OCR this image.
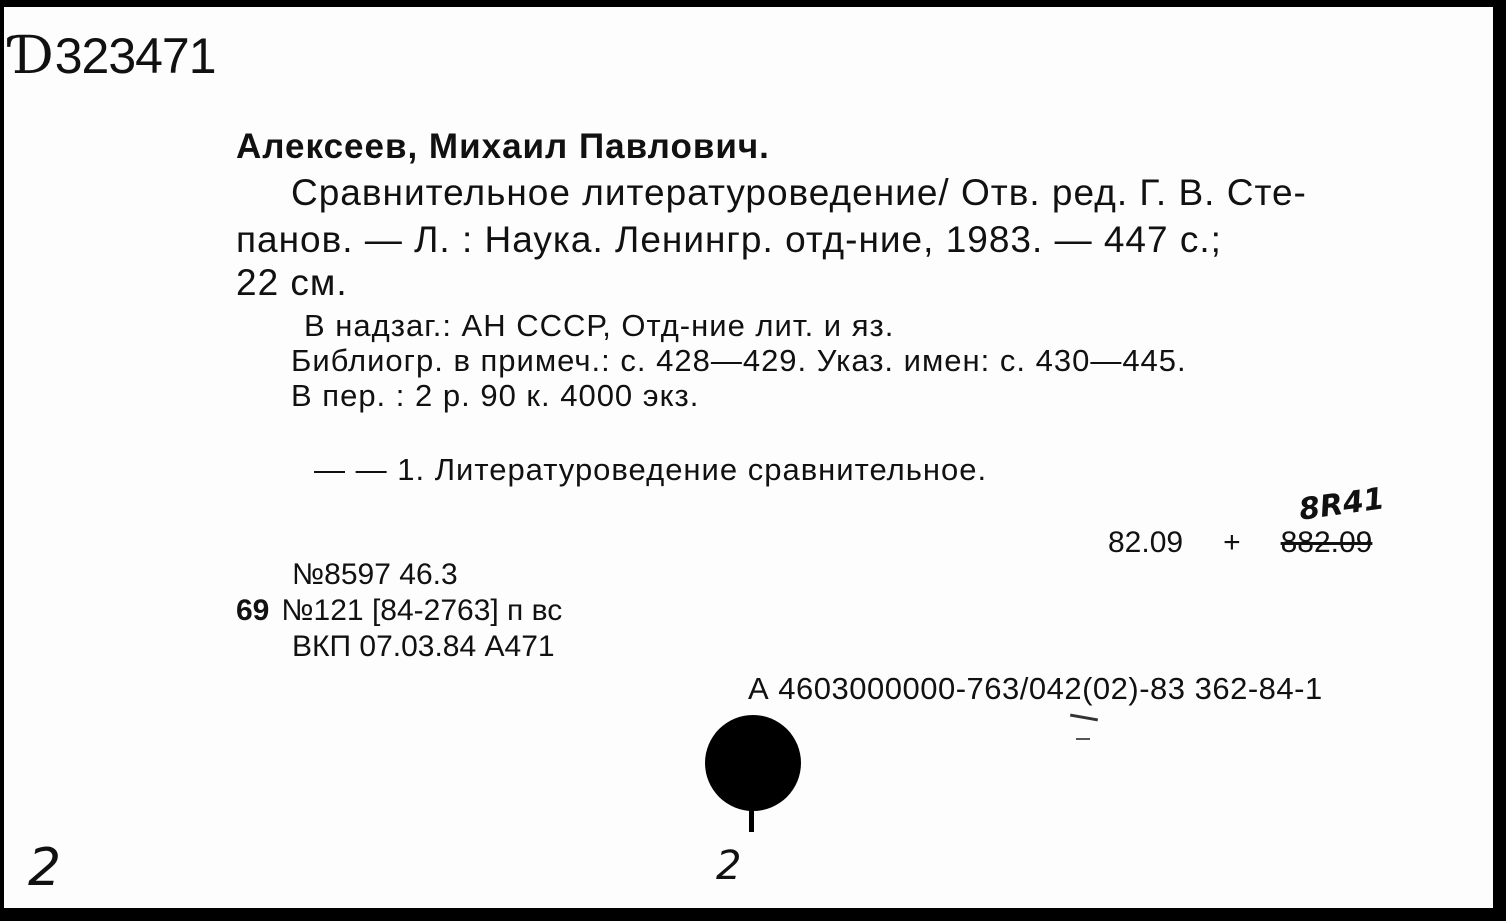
Ɗ323471
Алексеев, Михаил Павлович.
Сравнительное литературоведение/ Отв. ред. Г. В. Сте-
панов. — Л. : Наука. Ленингр. отд-ние, 1983. — 447 с.;
22 см.
В надзаг.: АН СССР, Отд-ние лит. и яз.
Библиогр. в примеч.: с. 428—429. Указ. имен: с. 430—445.
В пер. : 2 р. 90 к. 4000 экз.
— — 1. Литературоведение сравнительное.
8R41
82.09 + 882.09
№8597 46.3
69 №121 [84-2763] п вс
ВКП 07.03.84 А471
А 4603000000-763/042(02)-83 362-84-1
2	2
